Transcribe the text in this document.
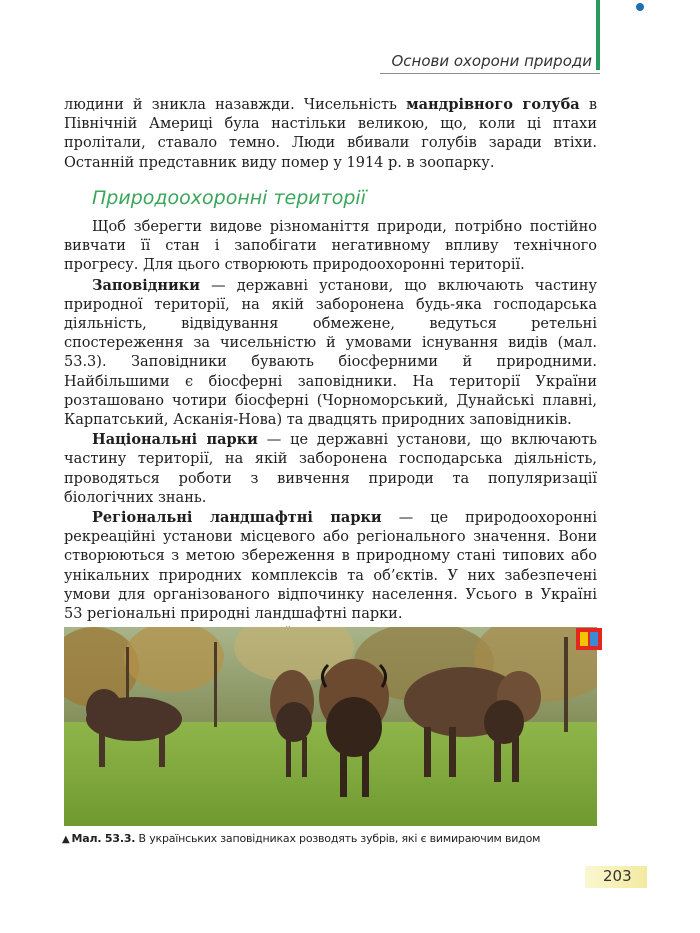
Основи охорони природи

людини й зникла назавжди. Чисельність мандрівного голуба в Північній Америці була настільки великою, що, коли ці птахи пролітали, ставало темно. Люди вбивали голубів заради втіхи. Останній представник виду помер у 1914 р. в зоопарку.

Природоохоронні території

Щоб зберегти видове різноманіття природи, потрібно постійно вивчати її стан і запобігати негативному впливу технічного прогресу. Для цього створюють природоохоронні території.

Заповідники — державні установи, що включають частину природної території, на якій заборонена будь-яка господарська діяльність, відвідування обмежене, ведуться ретельні спостереження за чисельністю й умовами існування видів (мал. 53.3). Заповідники бувають біосферними й природними. Найбільшими є біосферні заповідники. На території України розташовано чотири біосферні (Чорноморський, Дунайські плавні, Карпатський, Асканія-Нова) та двадцять природних заповідників.

Національні парки — це державні установи, що включають частину території, на якій заборонена господарська діяльність, проводяться роботи з вивчення природи та популяризації біологічних знань.

Регіональні ландшафтні парки — це природоохоронні рекреаційні установи місцевого або регіонального значення. Вони створюються з метою збереження в природному стані типових або унікальних природних комплексів та об’єктів. У них забезпечені умови для організованого відпочинку населення. Усього в Україні 53 регіональні природні ландшафтні парки.

▲ Мал. 53.3. В українських заповідниках розводять зубрів, які є вимираючим видом
203
